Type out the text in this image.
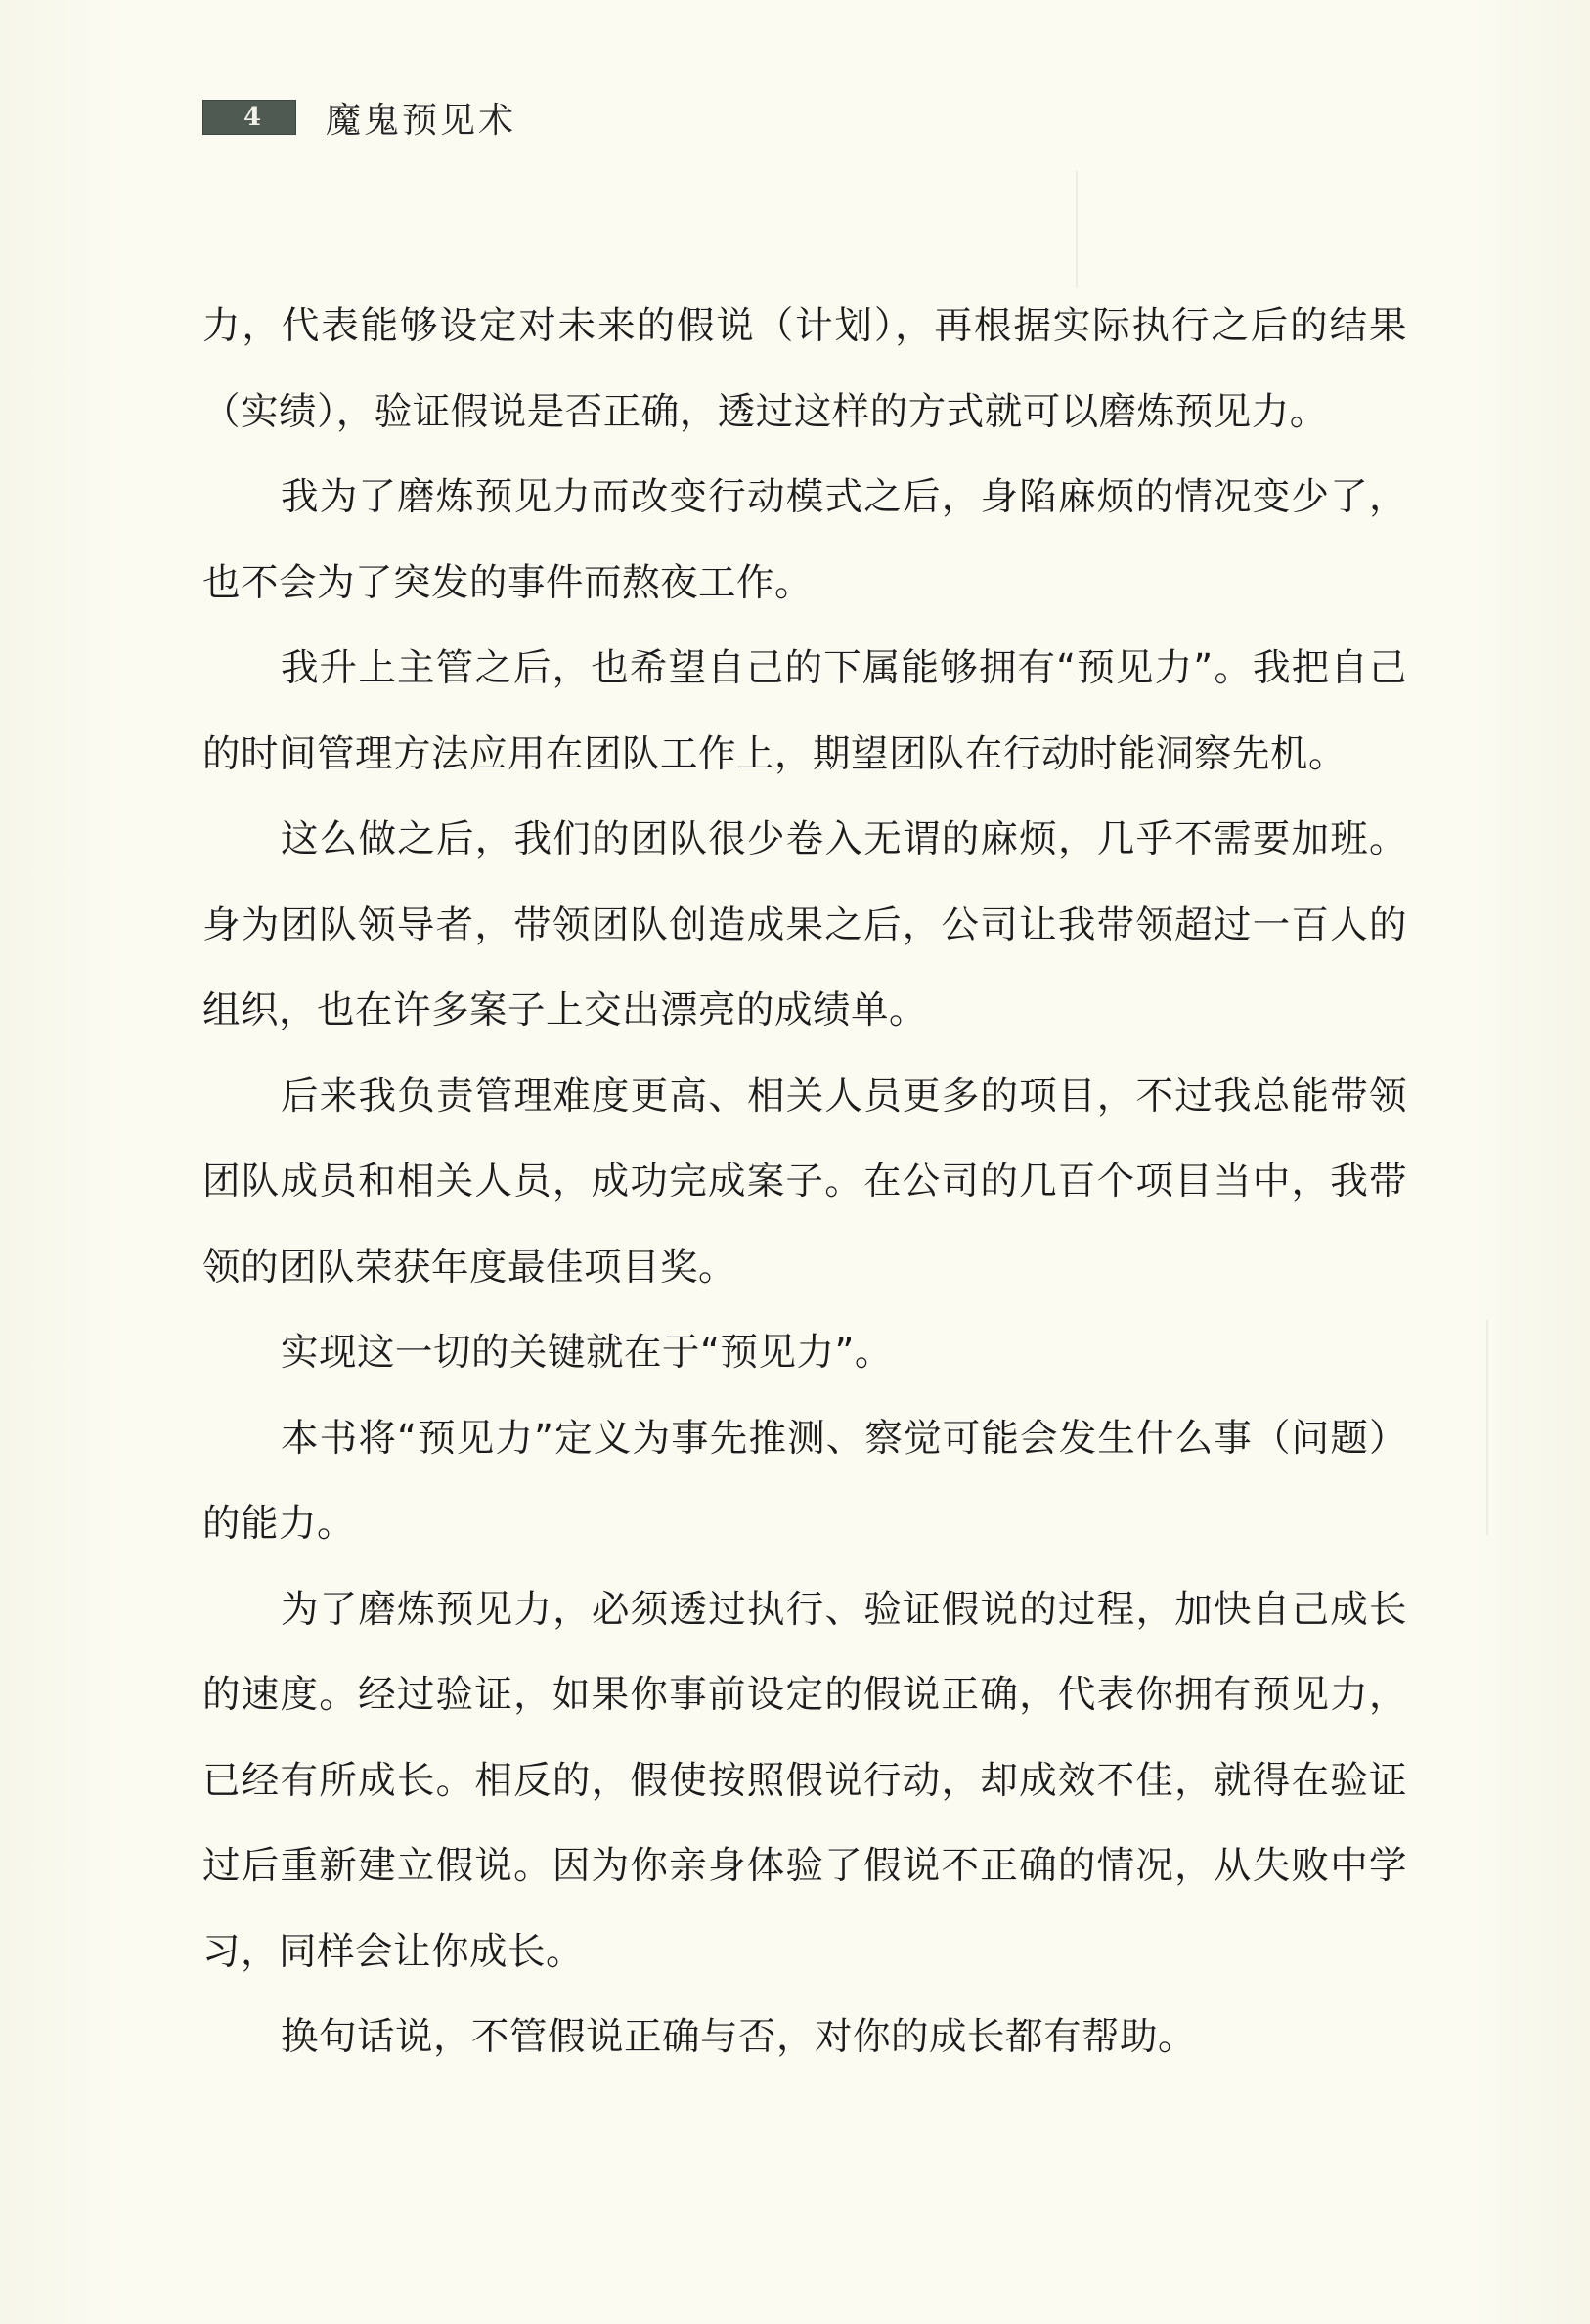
4 魔鬼预见术

力，代表能够设定对未来的假说（计划），再根据实际执行之后的结果（实绩），验证假说是否正确，透过这样的方式就可以磨炼预见力。

我为了磨炼预见力而改变行动模式之后，身陷麻烦的情况变少了，也不会为了突发的事件而熬夜工作。

我升上主管之后，也希望自己的下属能够拥有“预见力”。我把自己的时间管理方法应用在团队工作上，期望团队在行动时能洞察先机。

这么做之后，我们的团队很少卷入无谓的麻烦，几乎不需要加班。身为团队领导者，带领团队创造成果之后，公司让我带领超过一百人的组织，也在许多案子上交出漂亮的成绩单。

后来我负责管理难度更高、相关人员更多的项目，不过我总能带领团队成员和相关人员，成功完成案子。在公司的几百个项目当中，我带领的团队荣获年度最佳项目奖。

实现这一切的关键就在于“预见力”。

本书将“预见力”定义为事先推测、察觉可能会发生什么事（问题）的能力。

为了磨炼预见力，必须透过执行、验证假说的过程，加快自己成长的速度。经过验证，如果你事前设定的假说正确，代表你拥有预见力，已经有所成长。相反的，假使按照假说行动，却成效不佳，就得在验证过后重新建立假说。因为你亲身体验了假说不正确的情况，从失败中学习，同样会让你成长。

换句话说，不管假说正确与否，对你的成长都有帮助。
